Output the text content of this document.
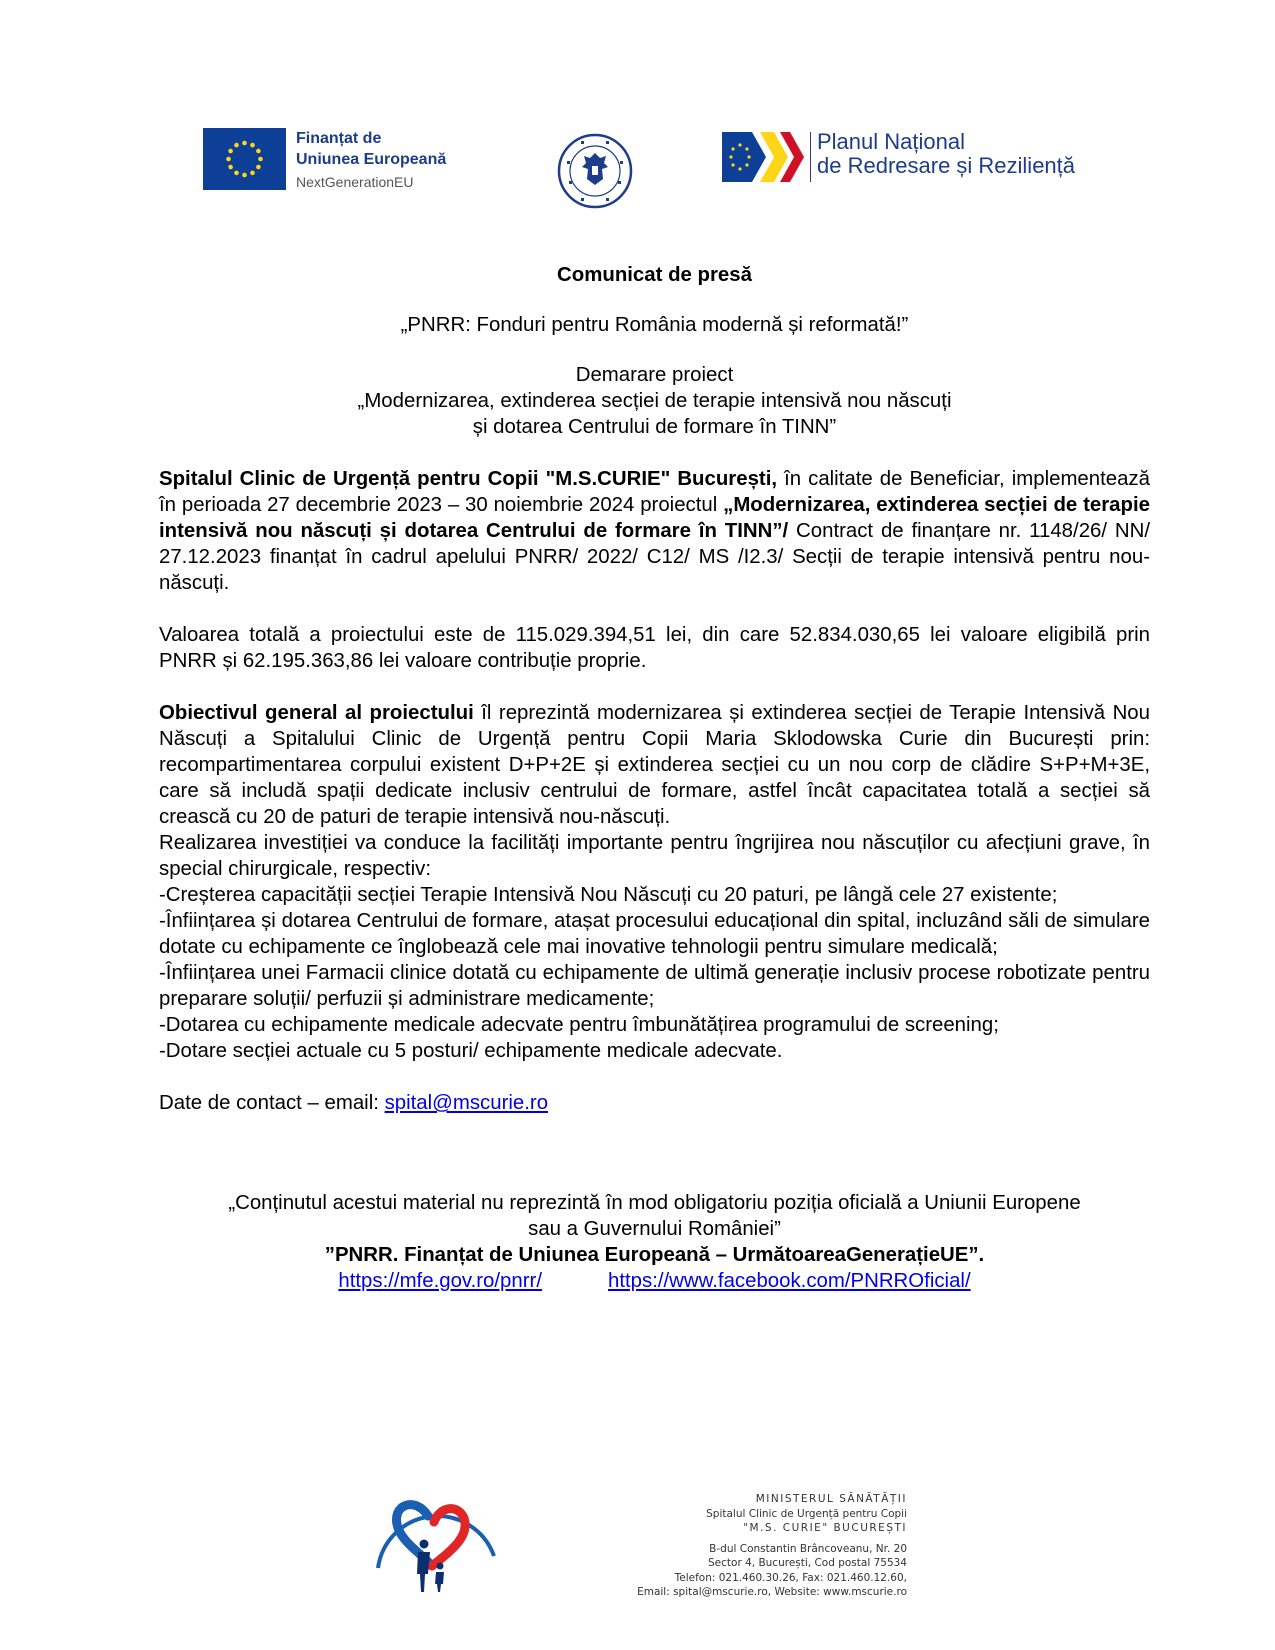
Finanțat de
Uniunea Europeană
NextGenerationEU
Planul Național
de Redresare și Reziliență

Comunicat de presă

„PNRR: Fonduri pentru România modernă și reformată!”

Demarare proiect

„Modernizarea, extinderea secției de terapie intensivă nou născuți

și dotarea Centrului de formare în TINN”

Spitalul Clinic de Urgență pentru Copii "M.S.CURIE" București, în calitate de Beneficiar, implementează în perioada 27 decembrie 2023 – 30 noiembrie 2024 proiectul „Modernizarea, extinderea secției de terapie intensivă nou născuți și dotarea Centrului de formare în TINN”/ Contract de finanțare nr. 1148/26/ NN/ 27.12.2023 finanțat în cadrul apelului PNRR/ 2022/ C12/ MS /I2.3/ Secții de terapie intensivă pentru nou-născuți.

Valoarea totală a proiectului este de 115.029.394,51 lei, din care 52.834.030,65 lei valoare eligibilă prin PNRR și 62.195.363,86 lei valoare contribuție proprie.

Obiectivul general al proiectului îl reprezintă modernizarea și extinderea secției de Terapie Intensivă Nou Născuți a Spitalului Clinic de Urgență pentru Copii Maria Sklodowska Curie din București prin: recompartimentarea corpului existent D+P+2E și extinderea secției cu un nou corp de clădire S+P+M+3E, care să includă spații dedicate inclusiv centrului de formare, astfel încât capacitatea totală a secției să crească cu 20 de paturi de terapie intensivă nou-născuți.

Realizarea investiției va conduce la facilități importante pentru îngrijirea nou născuților cu afecțiuni grave, în special chirurgicale, respectiv:

-Creșterea capacității secției Terapie Intensivă Nou Născuți cu 20 paturi, pe lângă cele 27 existente;

-Înființarea și dotarea Centrului de formare, atașat procesului educațional din spital, incluzând săli de simulare dotate cu echipamente ce înglobează cele mai inovative tehnologii pentru simulare medicală;

-Înființarea unei Farmacii clinice dotată cu echipamente de ultimă generație inclusiv procese robotizate pentru preparare soluții/ perfuzii și administrare medicamente;

-Dotarea cu echipamente medicale adecvate pentru îmbunătățirea programului de screening;

-Dotare secției actuale cu 5 posturi/ echipamente medicale adecvate.

Date de contact – email: spital@mscurie.ro

„Conținutul acestui material nu reprezintă în mod obligatoriu poziția oficială a Uniunii Europene

sau a Guvernului României”

”PNRR. Finanțat de Uniunea Europeană – UrmătoareaGenerațieUE”.

https://mfe.gov.ro/pnrr/	https://www.facebook.com/PNRROficial/

MINISTERUL SĂNĂTĂȚII
Spitalul Clinic de Urgență pentru Copii
"M.S. CURIE" BUCUREȘTI
B-dul Constantin Brâncoveanu, Nr. 20
Sector 4, București, Cod postal 75534
Telefon: 021.460.30.26, Fax: 021.460.12.60,
Email: spital@mscurie.ro, Website: www.mscurie.ro
